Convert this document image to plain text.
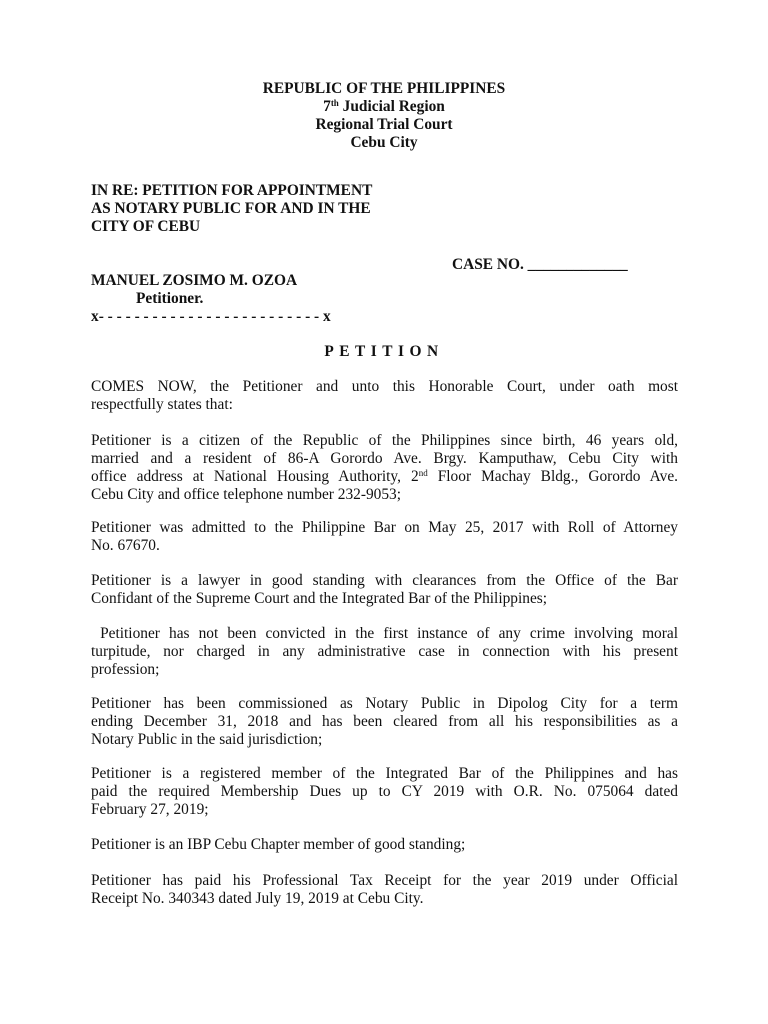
REPUBLIC OF THE PHILIPPINES
7th Judicial Region
Regional Trial Court
Cebu City
IN RE: PETITION FOR APPOINTMENT
AS NOTARY PUBLIC FOR AND IN THE
CITY OF CEBU
CASE NO. _____________
MANUEL ZOSIMO M. OZOA
Petitioner.
x- - - - - - - - - - - - - - - - - - - - - - - - - x
PETITION
COMES NOW, the Petitioner and unto this Honorable Court, under oath most
respectfully states that:
Petitioner is a citizen of the Republic of the Philippines since birth, 46 years old,
married and a resident of 86-A Gorordo Ave. Brgy. Kamputhaw, Cebu City with
office address at National Housing Authority, 2nd Floor Machay Bldg., Gorordo Ave.
Cebu City and office telephone number 232-9053;
Petitioner was admitted to the Philippine Bar on May 25, 2017 with Roll of Attorney
No. 67670.
Petitioner is a lawyer in good standing with clearances from the Office of the Bar
Confidant of the Supreme Court and the Integrated Bar of the Philippines;
Petitioner has not been convicted in the first instance of any crime involving moral
turpitude, nor charged in any administrative case in connection with his present
profession;
Petitioner has been commissioned as Notary Public in Dipolog City for a term
ending December 31, 2018 and has been cleared from all his responsibilities as a
Notary Public in the said jurisdiction;
Petitioner is a registered member of the Integrated Bar of the Philippines and has
paid the required Membership Dues up to CY 2019 with O.R. No. 075064 dated
February 27, 2019;
Petitioner is an IBP Cebu Chapter member of good standing;
Petitioner has paid his Professional Tax Receipt for the year 2019 under Official
Receipt No. 340343 dated July 19, 2019 at Cebu City.
